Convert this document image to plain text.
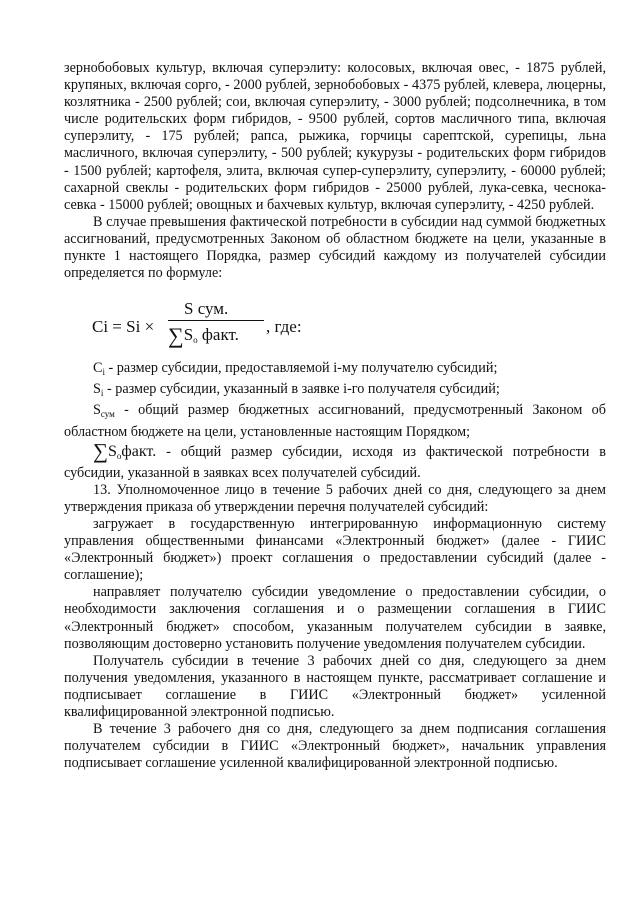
зернобобовых культур, включая суперэлиту: колосовых, включая овес, - 1875 рублей, крупяных, включая сорго, - 2000 рублей, зернобобовых - 4375 рублей, клевера, люцерны, козлятника - 2500 рублей; сои, включая суперэлиту, - 3000 рублей; подсолнечника, в том числе родительских форм гибридов, - 9500 рублей, сортов масличного типа, включая суперэлиту, - 175 рублей; рапса, рыжика, горчицы сарептской, сурепицы, льна масличного, включая суперэлиту, - 500 рублей; кукурузы - родительских форм гибридов - 1500 рублей; картофеля, элита, включая супер-суперэлиту, суперэлиту, - 60000 рублей; сахарной свеклы - родительских форм гибридов - 25000 рублей, лука-севка, чеснока-севка - 15000 рублей; овощных и бахчевых культур, включая суперэлиту, - 4250 рублей.

В случае превышения фактической потребности в субсидии над суммой бюджетных ассигнований, предусмотренных Законом об областном бюджете на цели, указанные в пункте 1 настоящего Порядка, размер субсидий каждому из получателей субсидии определяется по формуле:

Ci = Si ×
S сум.
$\sum S_o$ факт. , где:

$C_i$ - размер субсидии, предоставляемой i-му получателю субсидий;

$S_i$ - размер субсидии, указанный в заявке i-го получателя субсидий;

$S_{сум}$ - общий размер бюджетных ассигнований, предусмотренный Законом об областном бюджете на цели, установленные настоящим Порядком;

$\sum S_oфакт$. - общий размер субсидии, исходя из фактической потребности в субсидии, указанной в заявках всех получателей субсидий.

13. Уполномоченное лицо в течение 5 рабочих дней со дня, следующего за днем утверждения приказа об утверждении перечня получателей субсидий:

загружает в государственную интегрированную информационную систему управления общественными финансами «Электронный бюджет» (далее - ГИИС «Электронный бюджет») проект соглашения о предоставлении субсидий (далее - соглашение);

направляет получателю субсидии уведомление о предоставлении субсидии, о необходимости заключения соглашения и о размещении соглашения в ГИИС «Электронный бюджет» способом, указанным получателем субсидии в заявке, позволяющим достоверно установить получение уведомления получателем субсидии.

Получатель субсидии в течение 3 рабочих дней со дня, следующего за днем получения уведомления, указанного в настоящем пункте, рассматривает соглашение и подписывает соглашение в ГИИС «Электронный бюджет» усиленной квалифицированной электронной подписью.

В течение 3 рабочего дня со дня, следующего за днем подписания соглашения получателем субсидии в ГИИС «Электронный бюджет», начальник управления подписывает соглашение усиленной квалифицированной электронной подписью.
